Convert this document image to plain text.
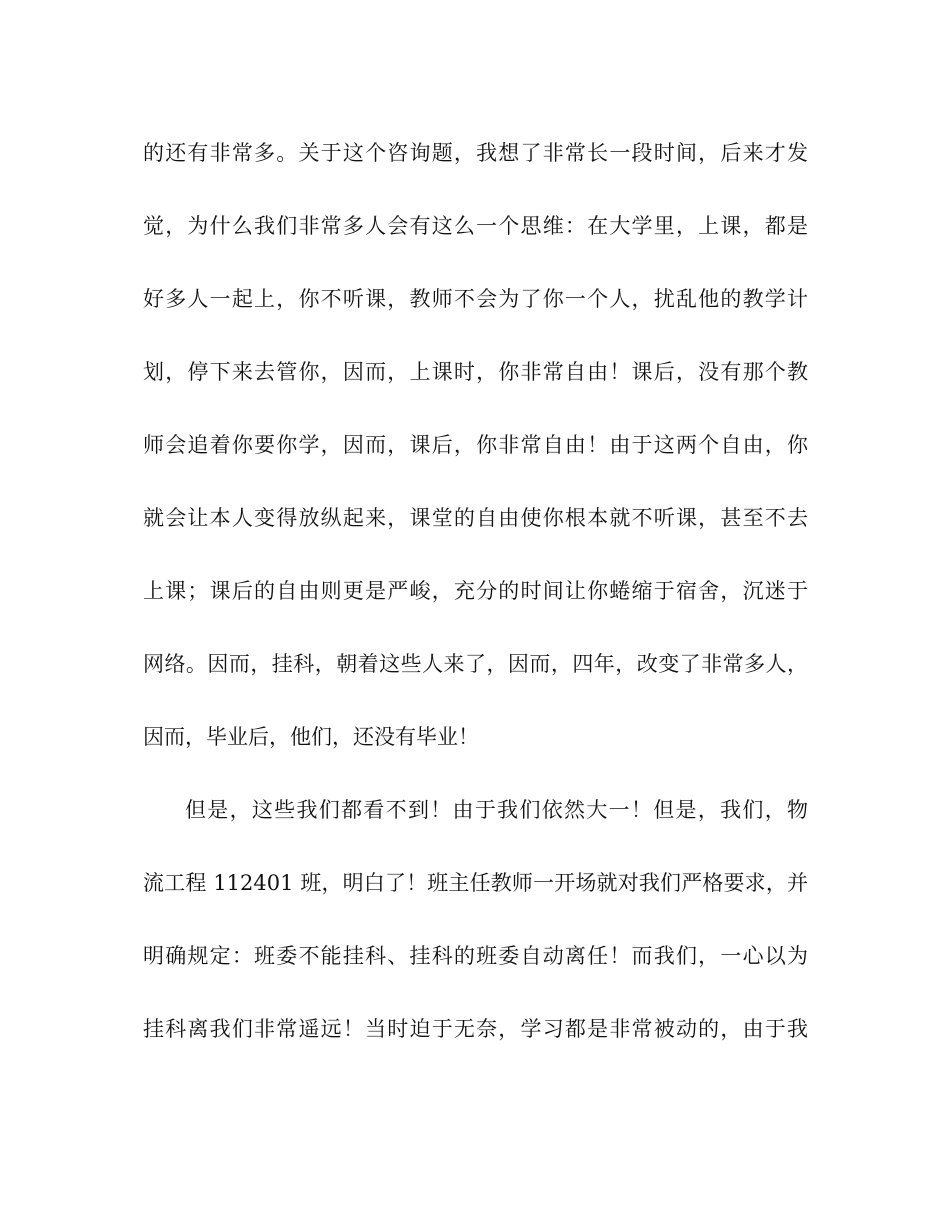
的还有非常多。关于这个咨询题，我想了非常长一段时间，后来才发
觉，为什么我们非常多人会有这么一个思维：在大学里，上课，都是
好多人一起上，你不听课，教师不会为了你一个人，扰乱他的教学计
划，停下来去管你，因而，上课时，你非常自由！课后，没有那个教
师会追着你要你学，因而，课后，你非常自由！由于这两个自由，你
就会让本人变得放纵起来，课堂的自由使你根本就不听课，甚至不去
上课；课后的自由则更是严峻，充分的时间让你蜷缩于宿舍，沉迷于
网络。因而，挂科，朝着这些人来了，因而，四年，改变了非常多人，
因而，毕业后，他们，还没有毕业！
但是，这些我们都看不到！由于我们依然大一！但是，我们，物
流工程 112401 班，明白了！班主任教师一开场就对我们严格要求，并
明确规定：班委不能挂科、挂科的班委自动离任！而我们，一心以为
挂科离我们非常遥远！当时迫于无奈，学习都是非常被动的，由于我
